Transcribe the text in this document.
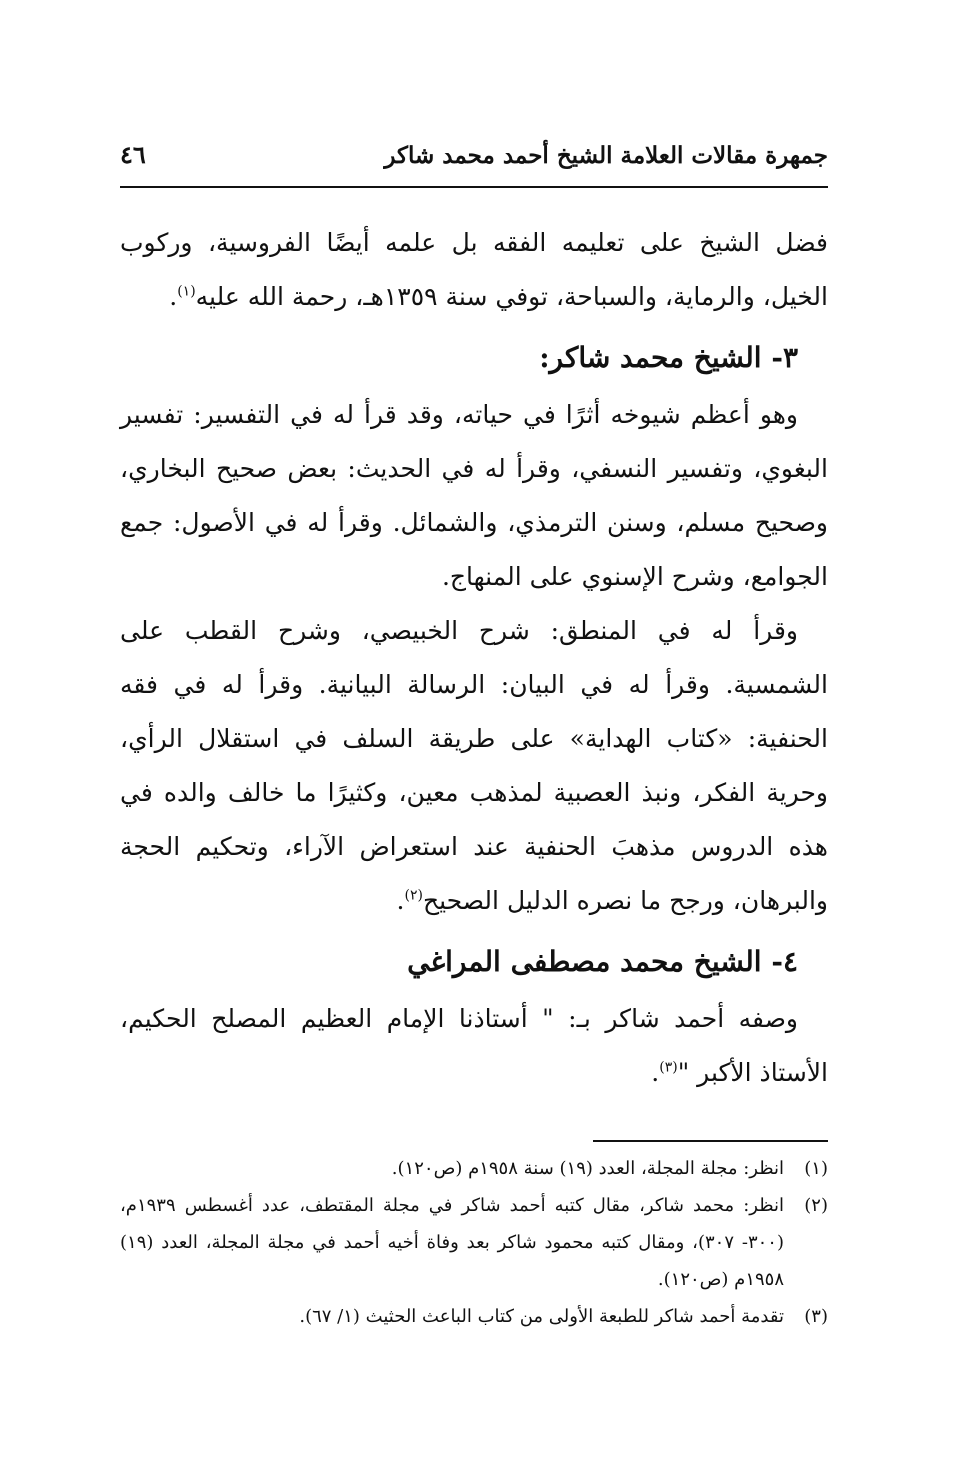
جمهرة مقالات العلامة الشيخ أحمد محمد شاكر
٤٦

فضل الشيخ على تعليمه الفقه بل علمه أيضًا الفروسية، وركوب الخيل، والرماية، والسباحة، توفي سنة ١٣٥٩هـ، رحمة الله عليه$^{(١)}$.

٣- الشيخ محمد شاكر:

وهو أعظم شيوخه أثرًا في حياته، وقد قرأ له في التفسير: تفسير البغوي، وتفسير النسفي، وقرأ له في الحديث: بعض صحيح البخاري، وصحيح مسلم، وسنن الترمذي، والشمائل. وقرأ له في الأصول: جمع الجوامع، وشرح الإسنوي على المنهاج.

وقرأ له في المنطق: شرح الخبيصي، وشرح القطب على الشمسية. وقرأ له في البيان: الرسالة البيانية. وقرأ له في فقه الحنفية: «كتاب الهداية» على طريقة السلف في استقلال الرأي، وحرية الفكر، ونبذ العصبية لمذهب معين، وكثيرًا ما خالف والده في هذه الدروس مذهبَ الحنفية عند استعراض الآراء، وتحكيم الحجة والبرهان، ورجح ما نصره الدليل الصحيح$^{(٢)}$.

٤- الشيخ محمد مصطفى المراغي

وصفه أحمد شاكر بـ: " أستاذنا الإمام العظيم المصلح الحكيم، الأستاذ الأكبر "$^{(٣)}$.

(١)
انظر: مجلة المجلة، العدد (١٩) سنة ١٩٥٨م (ص١٢٠).
(٢)
انظر: محمد شاكر، مقال كتبه أحمد شاكر في مجلة المقتطف، عدد أغسطس ١٩٣٩م، (٣٠٠- ٣٠٧)، ومقال كتبه محمود شاكر بعد وفاة أخيه أحمد في مجلة المجلة، العدد (١٩) ١٩٥٨م (ص١٢٠).
(٣)
تقدمة أحمد شاكر للطبعة الأولى من كتاب الباعث الحثيث (١/ ٦٧).
